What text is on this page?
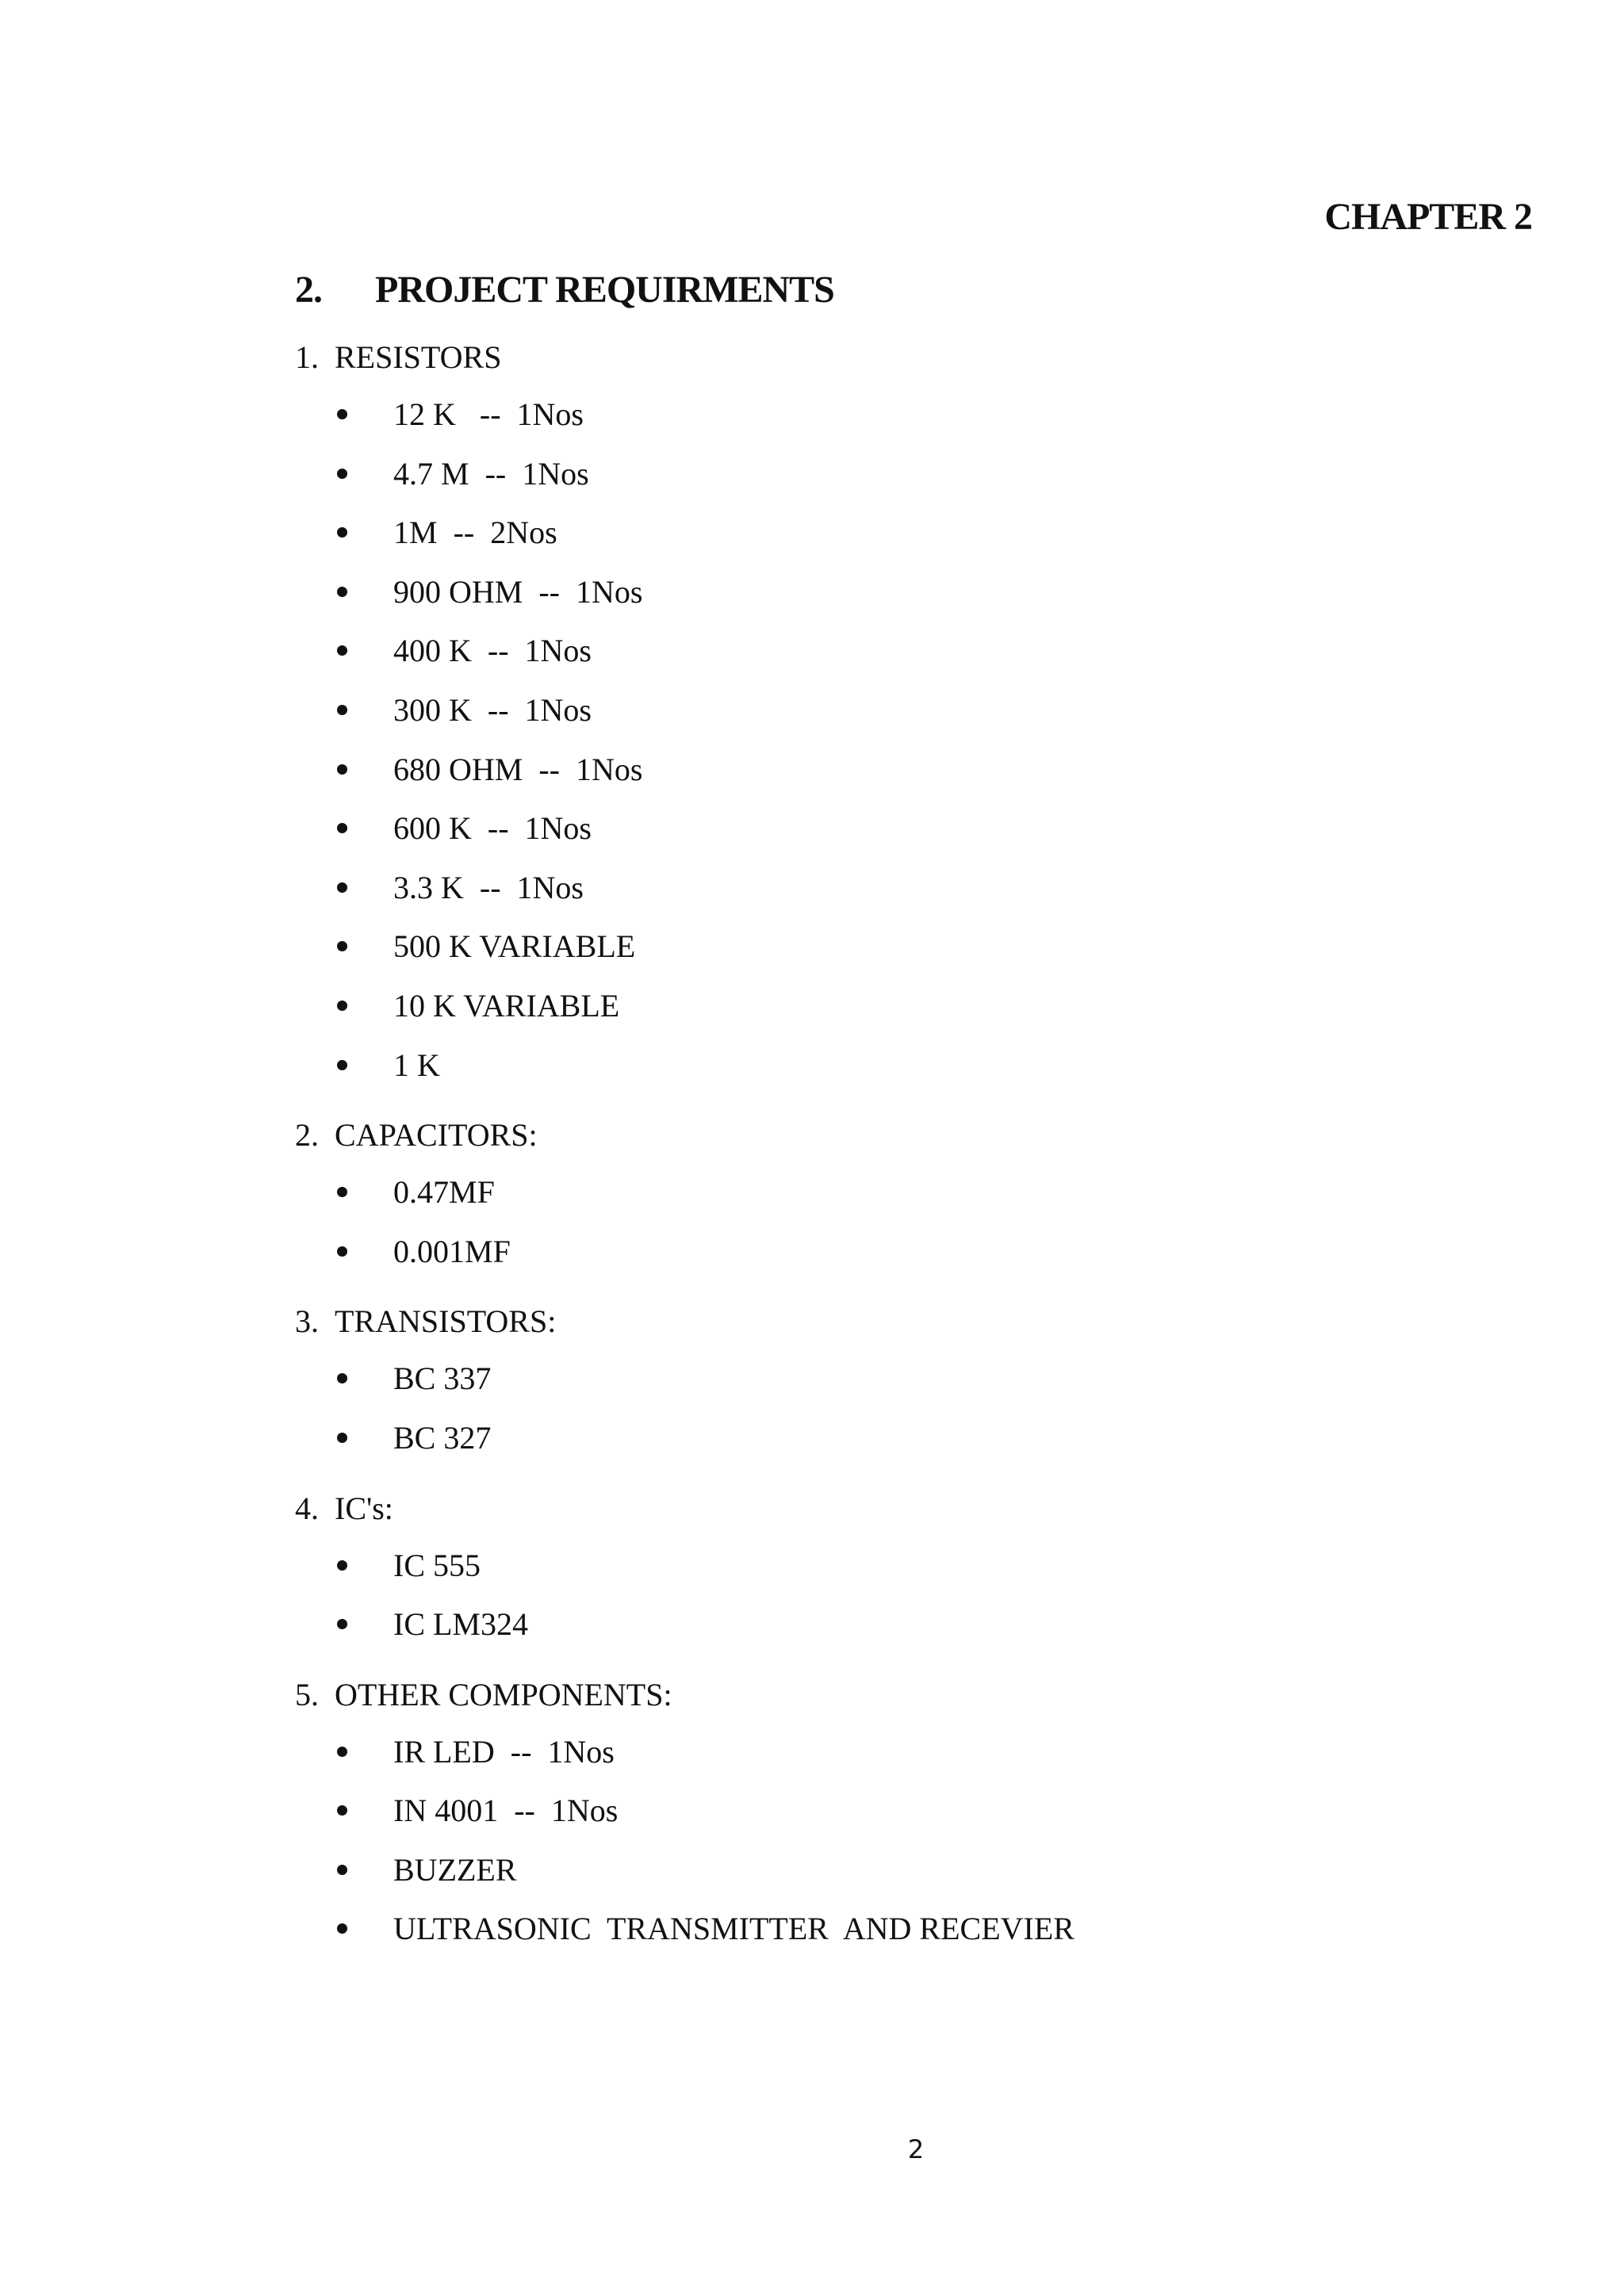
CHAPTER 2
2. PROJECT REQUIRMENTS
1. RESISTORS
12 K   --  1Nos
4.7 M  --  1Nos
1M  --  2Nos
900 OHM  --  1Nos
400 K  --  1Nos
300 K  --  1Nos
680 OHM  --  1Nos
600 K  --  1Nos
3.3 K  --  1Nos
500 K VARIABLE
10 K VARIABLE
1 K
2. CAPACITORS:
0.47MF
0.001MF
3. TRANSISTORS:
BC 337
BC 327
4. IC's:
IC 555
IC LM324
5. OTHER COMPONENTS:
IR LED  --  1Nos
IN 4001  --  1Nos
BUZZER
ULTRASONIC  TRANSMITTER  AND RECEVIER
2
